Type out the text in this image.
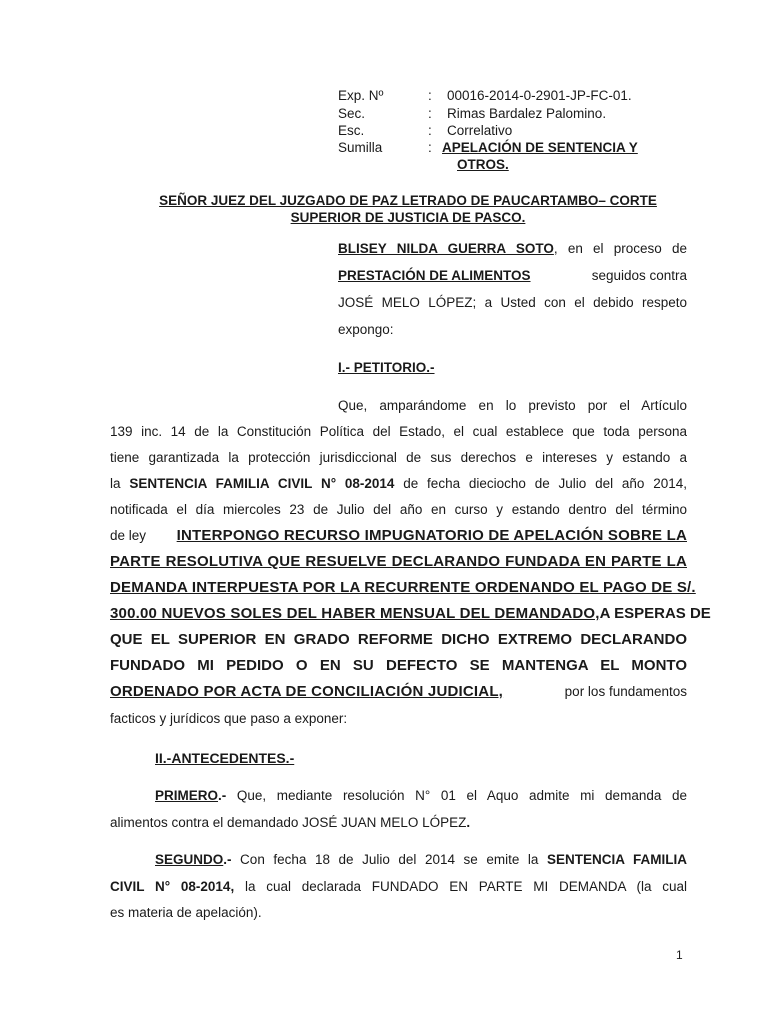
Exp. Nº	: 00016-2014-0-2901-JP-FC-01.
Sec.	: Rimas Bardalez Palomino.
Esc.	: Correlativo
Sumilla	: APELACIÓN DE SENTENCIA Y
OTROS.
SEÑOR JUEZ DEL JUZGADO DE PAZ LETRADO DE PAUCARTAMBO– CORTE
SUPERIOR DE JUSTICIA DE PASCO.
BLISEY NILDA GUERRA SOTO, en el proceso de
PRESTACIÓN DE ALIMENTOS	seguidos contra
JOSÉ MELO LÓPEZ; a Usted con el debido respeto
expongo:
I.- PETITORIO.-
Que, amparándome en lo previsto por el Artículo
139 inc. 14 de la Constitución Política del Estado, el cual establece que toda persona
tiene garantizada la protección jurisdiccional de sus derechos e intereses y estando a
la SENTENCIA FAMILIA CIVIL N° 08-2014 de fecha dieciocho de Julio del año 2014,
notificada el día miercoles 23 de Julio del año en curso y estando dentro del término
de ley INTERPONGO RECURSO IMPUGNATORIO DE APELACIÓN SOBRE LA
PARTE RESOLUTIVA QUE RESUELVE DECLARANDO FUNDADA EN PARTE LA
DEMANDA INTERPUESTA POR LA RECURRENTE ORDENANDO EL PAGO DE S/.
300.00 NUEVOS SOLES DEL HABER MENSUAL DEL DEMANDADO, A ESPERAS DE
QUE EL SUPERIOR EN GRADO REFORME DICHO EXTREMO DECLARANDO
FUNDADO MI PEDIDO O EN SU DEFECTO SE MANTENGA EL MONTO
ORDENADO POR ACTA DE CONCILIACIÓN JUDICIAL,	por los fundamentos
facticos y jurídicos que paso a exponer:
II.-ANTECEDENTES.-
PRIMERO.- Que, mediante resolución N° 01 el Aquo admite mi demanda de
alimentos contra el demandado JOSÉ JUAN MELO LÓPEZ.
SEGUNDO.- Con fecha 18 de Julio del 2014 se emite la SENTENCIA FAMILIA
CIVIL N° 08-2014, la cual declarada FUNDADO EN PARTE MI DEMANDA (la cual
es materia de apelación).
1
